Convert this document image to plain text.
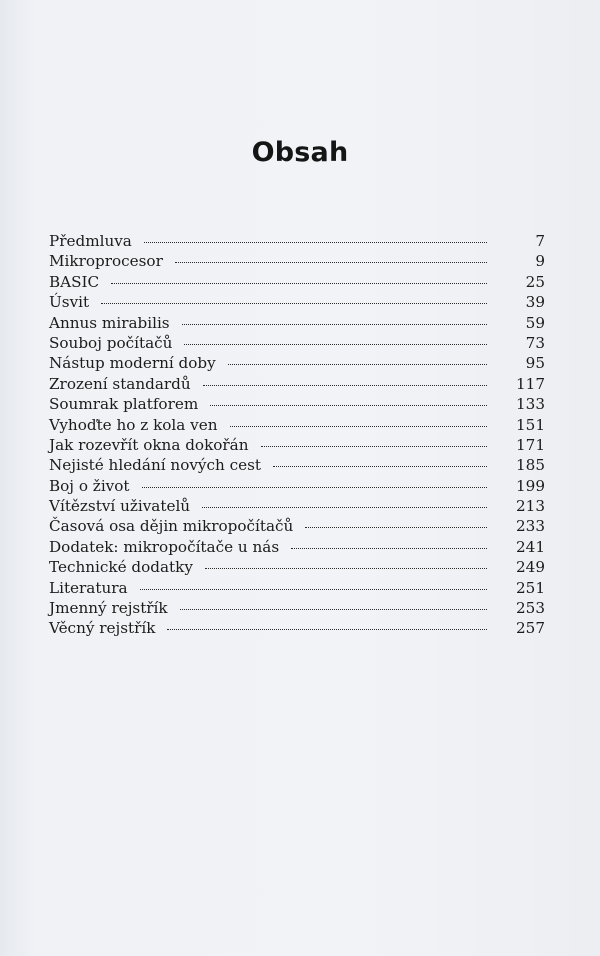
Obsah
Předmluva	7
Mikroprocesor	9
BASIC	25
Úsvit	39
Annus mirabilis	59
Souboj počítačů	73
Nástup moderní doby	95
Zrození standardů	117
Soumrak platforem	133
Vyhoďte ho z kola ven	151
Jak rozevřít okna dokořán	171
Nejisté hledání nových cest	185
Boj o život	199
Vítězství uživatelů	213
Časová osa dějin mikropočítačů	233
Dodatek: mikropočítače u nás	241
Technické dodatky	249
Literatura	251
Jmenný rejstřík	253
Věcný rejstřík	257
